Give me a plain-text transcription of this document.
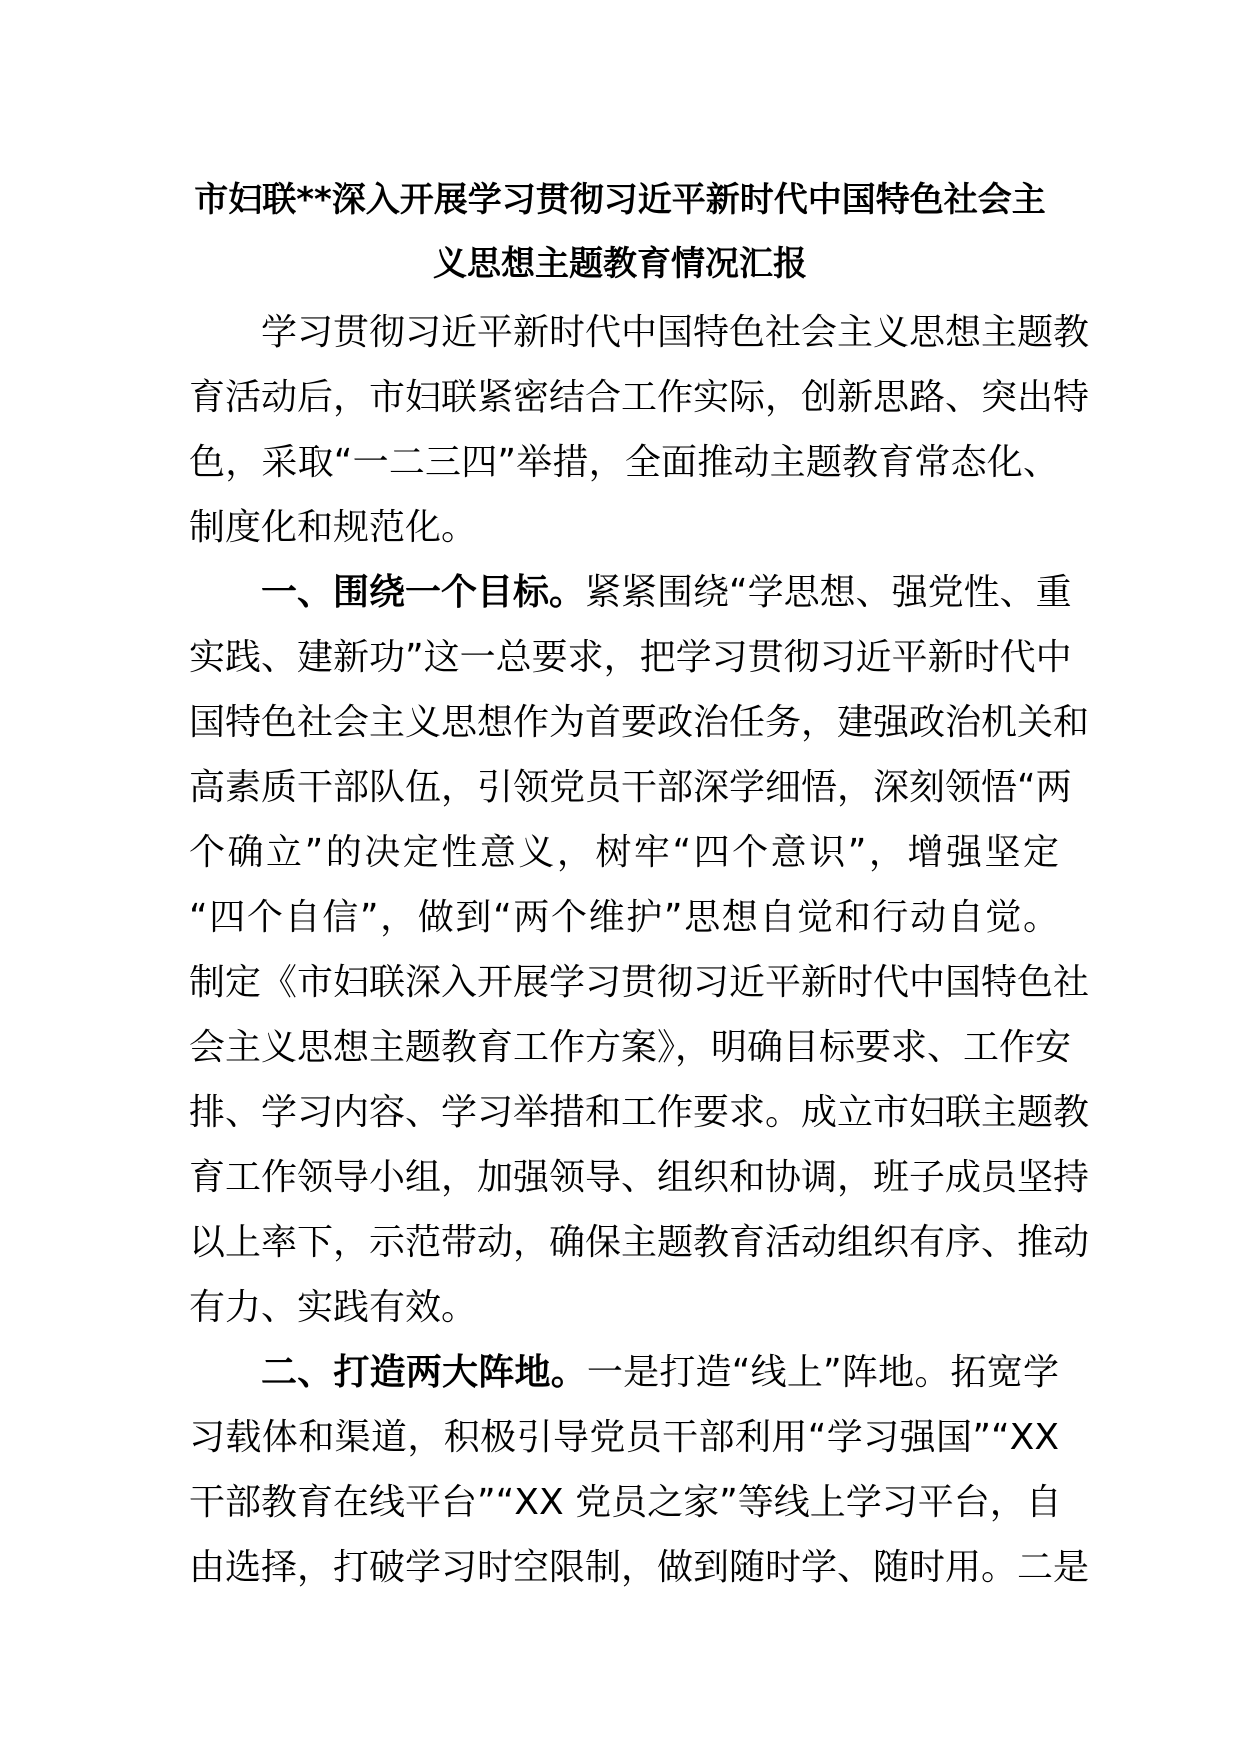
市妇联**深入开展学习贯彻习近平新时代中国特色社会主
义思想主题教育情况汇报
学习贯彻习近平新时代中国特色社会主义思想主题教
育活动后，市妇联紧密结合工作实际，创新思路、突出特
色，采取“一二三四”举措，全面推动主题教育常态化、
制度化和规范化。
一、围绕一个目标。紧紧围绕“学思想、强党性、重
实践、建新功”这一总要求，把学习贯彻习近平新时代中
国特色社会主义思想作为首要政治任务，建强政治机关和
高素质干部队伍，引领党员干部深学细悟，深刻领悟“两
个确立”的决定性意义，树牢“四个意识”，增强坚定
“四个自信”，做到“两个维护”思想自觉和行动自觉。
制定《市妇联深入开展学习贯彻习近平新时代中国特色社
会主义思想主题教育工作方案》，明确目标要求、工作安
排、学习内容、学习举措和工作要求。成立市妇联主题教
育工作领导小组，加强领导、组织和协调，班子成员坚持
以上率下，示范带动，确保主题教育活动组织有序、推动
有力、实践有效。
二、打造两大阵地。一是打造“线上”阵地。拓宽学
习载体和渠道，积极引导党员干部利用“学习强国”“XX
干部教育在线平台”“XX 党员之家”等线上学习平台，自
由选择，打破学习时空限制，做到随时学、随时用。二是
